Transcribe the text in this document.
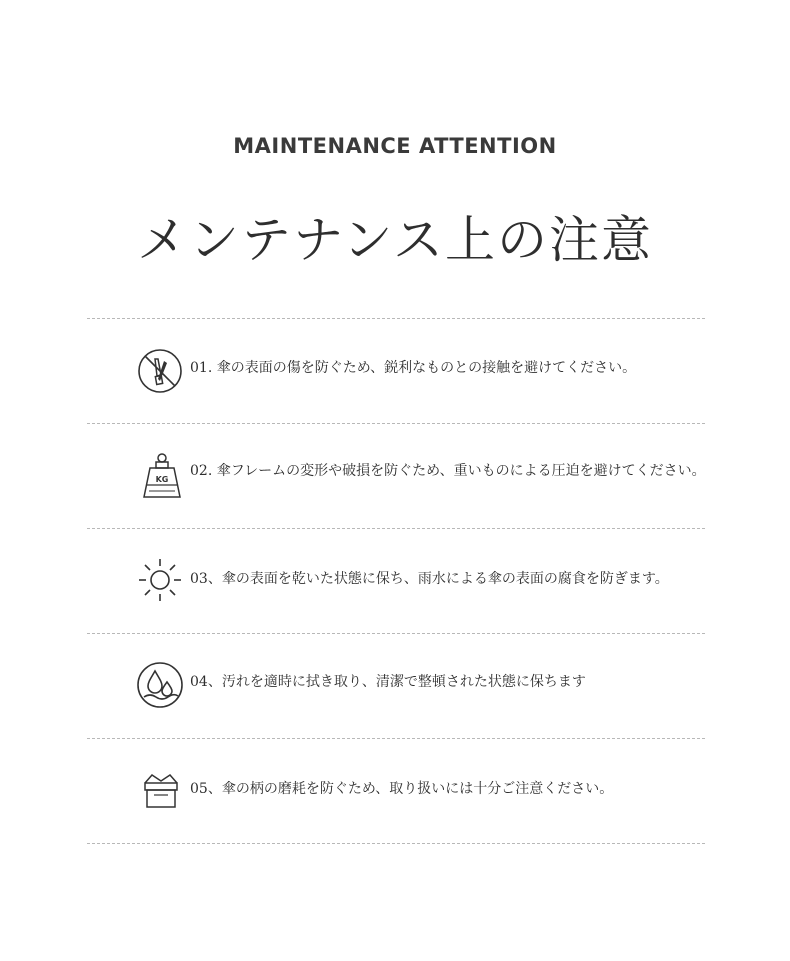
MAINTENANCE ATTENTION
メンテナンス上の注意
01. 傘の表面の傷を防ぐため、鋭利なものとの接触を避けてください。
KG
02. 傘フレームの変形や破損を防ぐため、重いものによる圧迫を避けてください。
03、傘の表面を乾いた状態に保ち、雨水による傘の表面の腐食を防ぎます。
04、汚れを適時に拭き取り、清潔で整頓された状態に保ちます
05、傘の柄の磨耗を防ぐため、取り扱いには十分ご注意ください。
